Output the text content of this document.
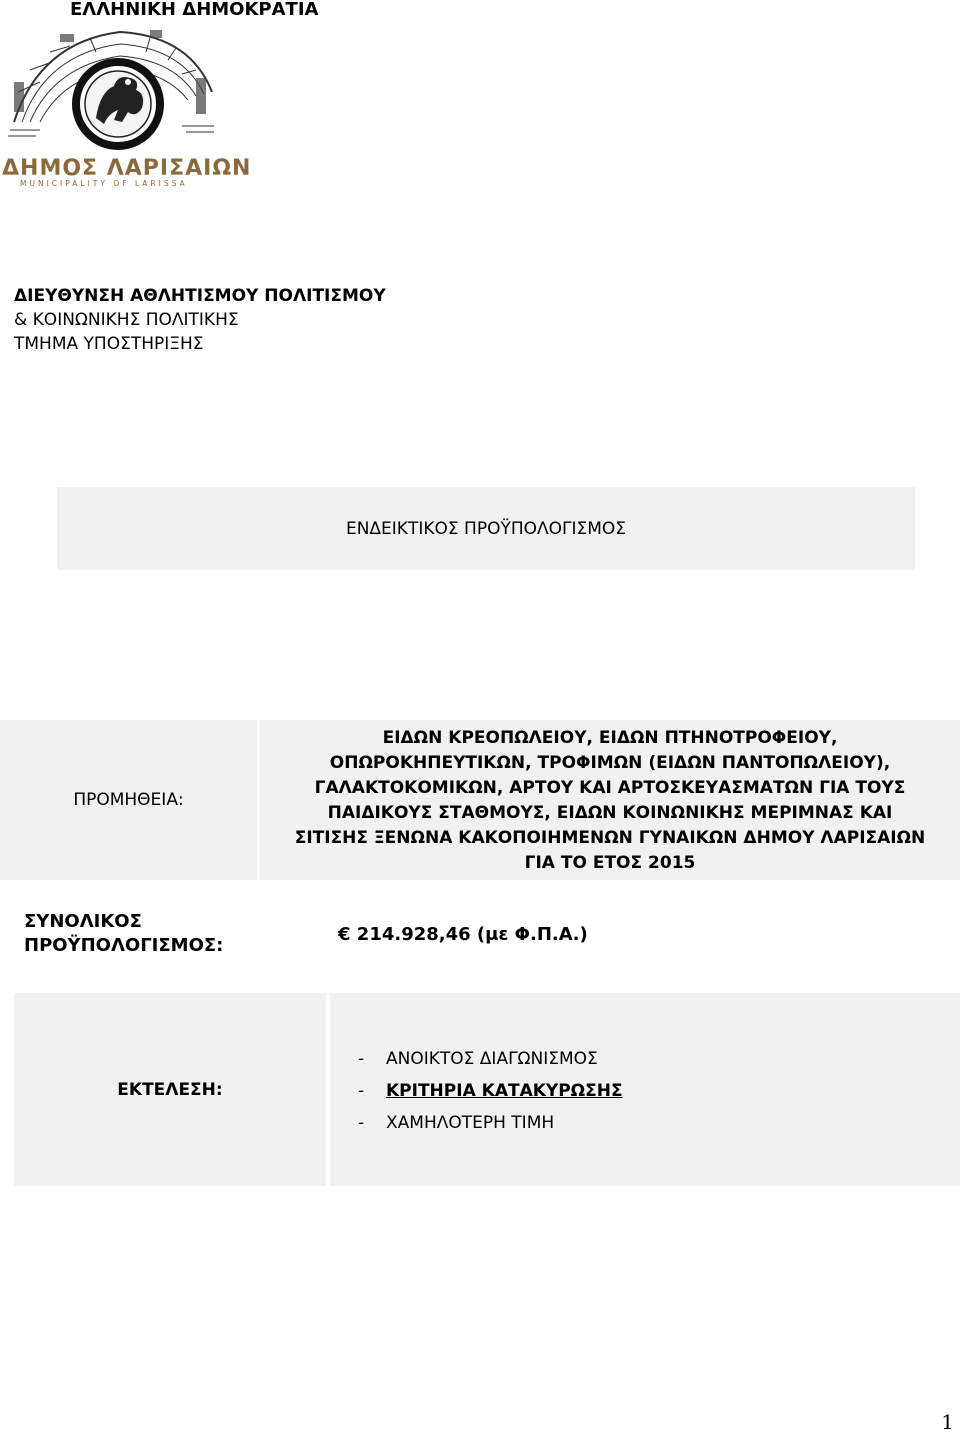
ΕΛΛΗΝΙΚΗ ΔΗΜΟΚΡΑΤΙΑ
ΔΗΜΟΣ ΛΑΡΙΣΑΙΩΝ
MUNICIPALITY OF LARISSA
ΔΙΕΥΘΥΝΣΗ ΑΘΛΗΤΙΣΜΟΥ ΠΟΛΙΤΙΣΜΟΥ
& ΚΟΙΝΩΝΙΚΗΣ ΠΟΛΙΤΙΚΗΣ
ΤΜΗΜΑ ΥΠΟΣΤΗΡΙΞΗΣ
ΕΝΔΕΙΚΤΙΚΟΣ ΠΡΟΫΠΟΛΟΓΙΣΜΟΣ
ΠΡΟΜΗΘΕΙΑ:
ΕΙΔΩΝ ΚΡΕΟΠΩΛΕΙΟΥ, ΕΙΔΩΝ ΠΤΗΝΟΤΡΟΦΕΙΟΥ,
ΟΠΩΡΟΚΗΠΕΥΤΙΚΩΝ, ΤΡΟΦΙΜΩΝ (ΕΙΔΩΝ ΠΑΝΤΟΠΩΛΕΙΟΥ),
ΓΑΛΑΚΤΟΚΟΜΙΚΩΝ, ΑΡΤΟΥ ΚΑΙ ΑΡΤΟΣΚΕΥΑΣΜΑΤΩΝ ΓΙΑ ΤΟΥΣ
ΠΑΙΔΙΚΟΥΣ ΣΤΑΘΜΟΥΣ, ΕΙΔΩΝ ΚΟΙΝΩΝΙΚΗΣ ΜΕΡΙΜΝΑΣ ΚΑΙ
ΣΙΤΙΣΗΣ ΞΕΝΩΝΑ ΚΑΚΟΠΟΙΗΜΕΝΩΝ ΓΥΝΑΙΚΩΝ ΔΗΜΟΥ ΛΑΡΙΣΑΙΩΝ
ΓΙΑ ΤΟ ΕΤΟΣ 2015
ΣΥΝΟΛΙΚΟΣ
ΠΡΟΫΠΟΛΟΓΙΣΜΟΣ:
€ 214.928,46 (με Φ.Π.Α.)
ΕΚΤΕΛΕΣΗ:
-	ΑΝΟΙΚΤΟΣ ΔΙΑΓΩΝΙΣΜΟΣ
-	ΚΡΙΤΗΡΙΑ ΚΑΤΑΚΥΡΩΣΗΣ
-	ΧΑΜΗΛΟΤΕΡΗ ΤΙΜΗ
1
